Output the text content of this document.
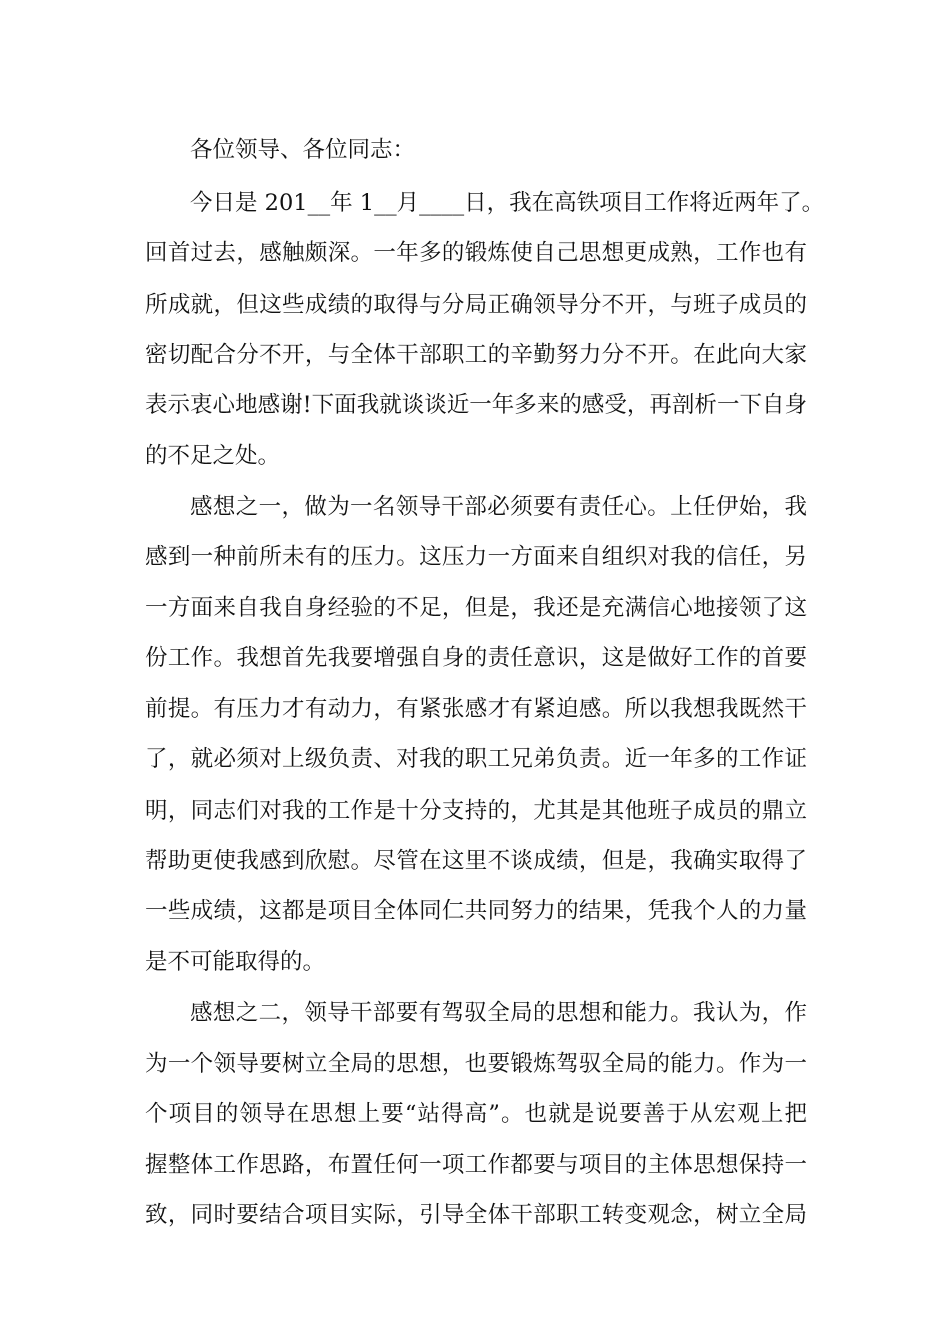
各位领导、各位同志：
今日是 201__年 1__月____日，我在高铁项目工作将近两年了。
回首过去，感触颇深。一年多的锻炼使自己思想更成熟，工作也有
所成就，但这些成绩的取得与分局正确领导分不开，与班子成员的
密切配合分不开，与全体干部职工的辛勤努力分不开。在此向大家
表示衷心地感谢!下面我就谈谈近一年多来的感受，再剖析一下自身
的不足之处。
感想之一，做为一名领导干部必须要有责任心。上任伊始，我
感到一种前所未有的压力。这压力一方面来自组织对我的信任，另
一方面来自我自身经验的不足，但是，我还是充满信心地接领了这
份工作。我想首先我要增强自身的责任意识，这是做好工作的首要
前提。有压力才有动力，有紧张感才有紧迫感。所以我想我既然干
了，就必须对上级负责、对我的职工兄弟负责。近一年多的工作证
明，同志们对我的工作是十分支持的，尤其是其他班子成员的鼎立
帮助更使我感到欣慰。尽管在这里不谈成绩，但是，我确实取得了
一些成绩，这都是项目全体同仁共同努力的结果，凭我个人的力量
是不可能取得的。
感想之二，领导干部要有驾驭全局的思想和能力。我认为，作
为一个领导要树立全局的思想，也要锻炼驾驭全局的能力。作为一
个项目的领导在思想上要“站得高”。也就是说要善于从宏观上把
握整体工作思路，布置任何一项工作都要与项目的主体思想保持一
致，同时要结合项目实际，引导全体干部职工转变观念，树立全局
